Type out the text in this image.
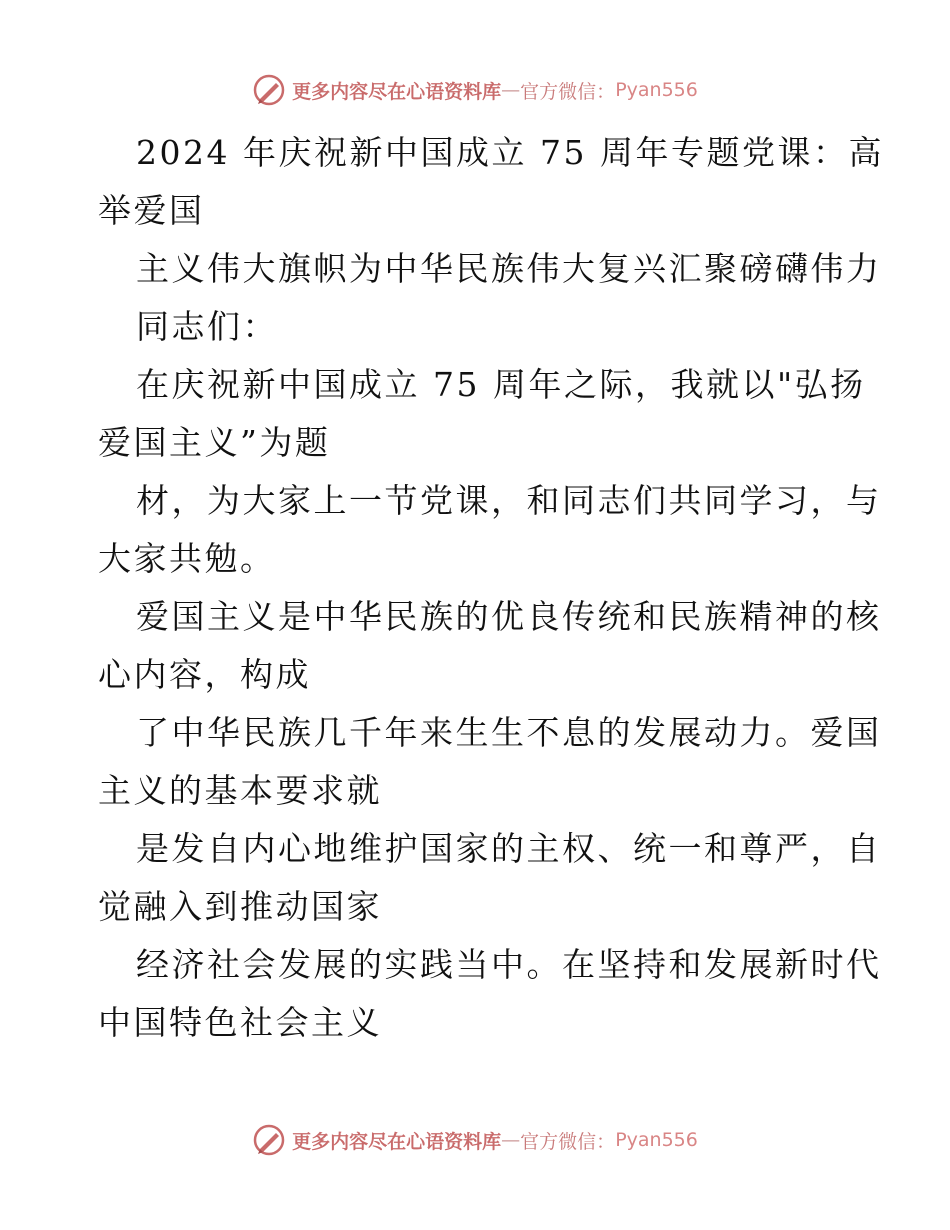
更多内容尽在心语资料库 — 官方微信： Pyan556
2024 年庆祝新中国成立 75 周年专题党课：高
举爱国
主义伟大旗帜为中华民族伟大复兴汇聚磅礴伟力
同志们：
在庆祝新中国成立 75 周年之际，我就以"弘扬
爱国主义”为题
材，为大家上一节党课，和同志们共同学习，与
大家共勉。
爱国主义是中华民族的优良传统和民族精神的核
心内容，构成
了中华民族几千年来生生不息的发展动力。爱国
主义的基本要求就
是发自内心地维护国家的主权、统一和尊严，自
觉融入到推动国家
经济社会发展的实践当中。在坚持和发展新时代
中国特色社会主义
更多内容尽在心语资料库 — 官方微信： Pyan556
